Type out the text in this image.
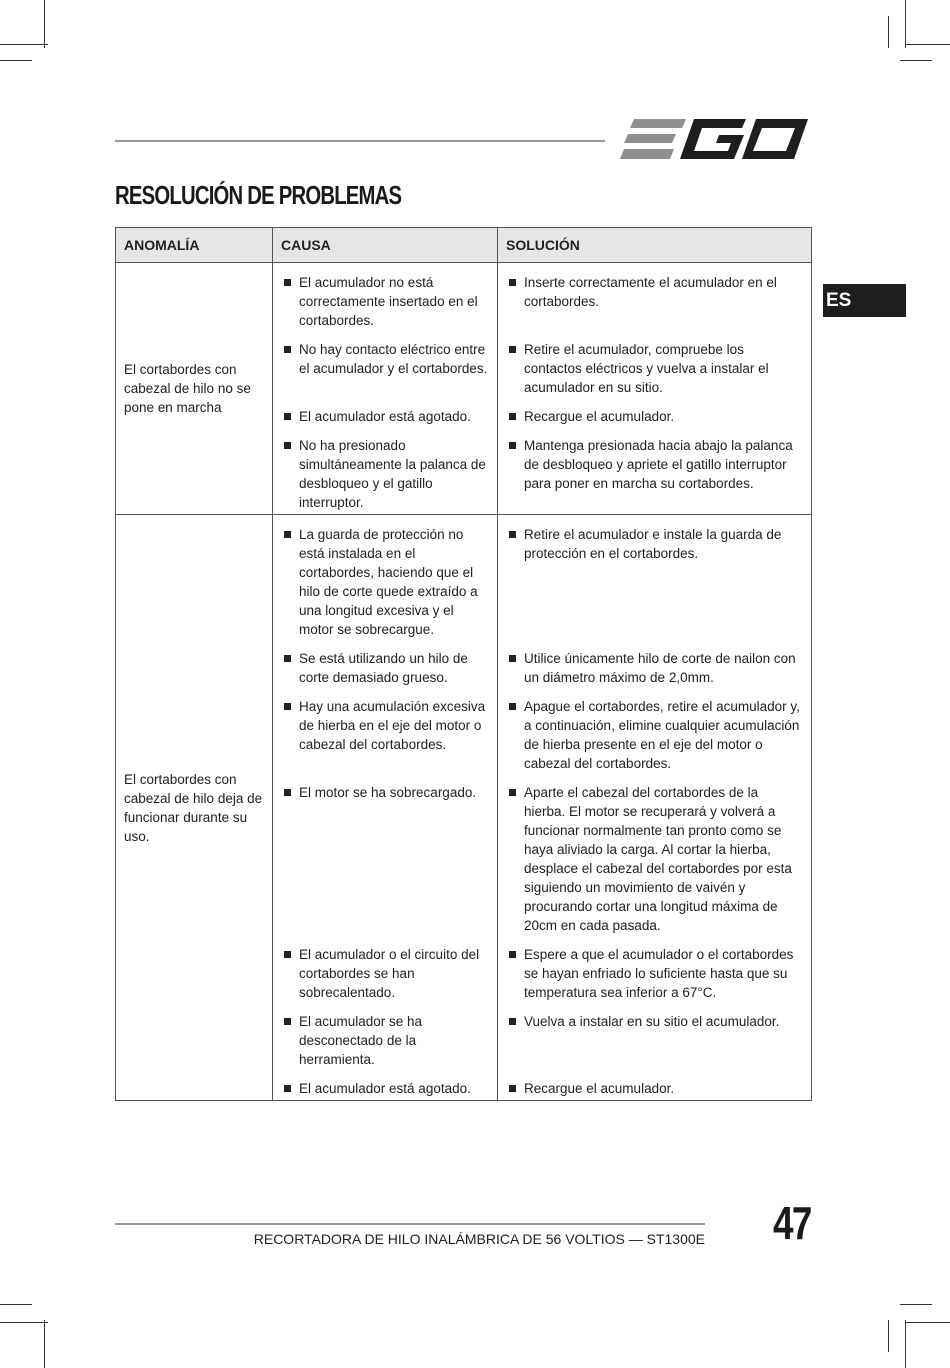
RESOLUCIÓN DE PROBLEMAS
ES
ANOMALÍA	CAUSA	SOLUCIÓN
El cortabordes con cabezal de hilo no se pone en marcha	El acumulador no está correctamente insertado en el cortabordes.	Inserte correctamente el acumulador en el cortabordes.

	No hay contacto eléctrico entre el acumulador y el cortabordes.	Retire el acumulador, compruebe los contactos eléctricos y vuelva a instalar el acumulador en su sitio.

	El acumulador está agotado.	Recargue el acumulador.

	No ha presionado simultáneamente la palanca de desbloqueo y el gatillo interruptor.	Mantenga presionada hacia abajo la palanca de desbloqueo y apriete el gatillo interruptor para poner en marcha su cortabordes.

El cortabordes con cabezal de hilo deja de funcionar durante su uso.	La guarda de protección no está instalada en el cortabordes, haciendo que el hilo de corte quede extraído a una longitud excesiva y el motor se sobrecargue.	Retire el acumulador e instale la guarda de protección en el cortabordes.

	Se está utilizando un hilo de corte demasiado grueso.	Utilice únicamente hilo de corte de nailon con un diámetro máximo de 2,0mm.

	Hay una acumulación excesiva de hierba en el eje del motor o cabezal del cortabordes.	Apague el cortabordes, retire el acumulador y, a continuación, elimine cualquier acumulación de hierba presente en el eje del motor o cabezal del cortabordes.

	El motor se ha sobrecargado.	Aparte el cabezal del cortabordes de la hierba. El motor se recuperará y volverá a funcionar normalmente tan pronto como se haya aliviado la carga. Al cortar la hierba, desplace el cabezal del cortabordes por esta siguiendo un movimiento de vaivén y procurando cortar una longitud máxima de 20cm en cada pasada.

	El acumulador o el circuito del cortabordes se han sobrecalentado.	Espere a que el acumulador o el cortabordes se hayan enfriado lo suficiente hasta que su temperatura sea inferior a 67°C.

	El acumulador se ha desconectado de la herramienta.	Vuelva a instalar en su sitio el acumulador.

	El acumulador está agotado.	Recargue el acumulador.
RECORTADORA DE HILO INALÁMBRICA DE 56 VOLTIOS — ST1300E 47
